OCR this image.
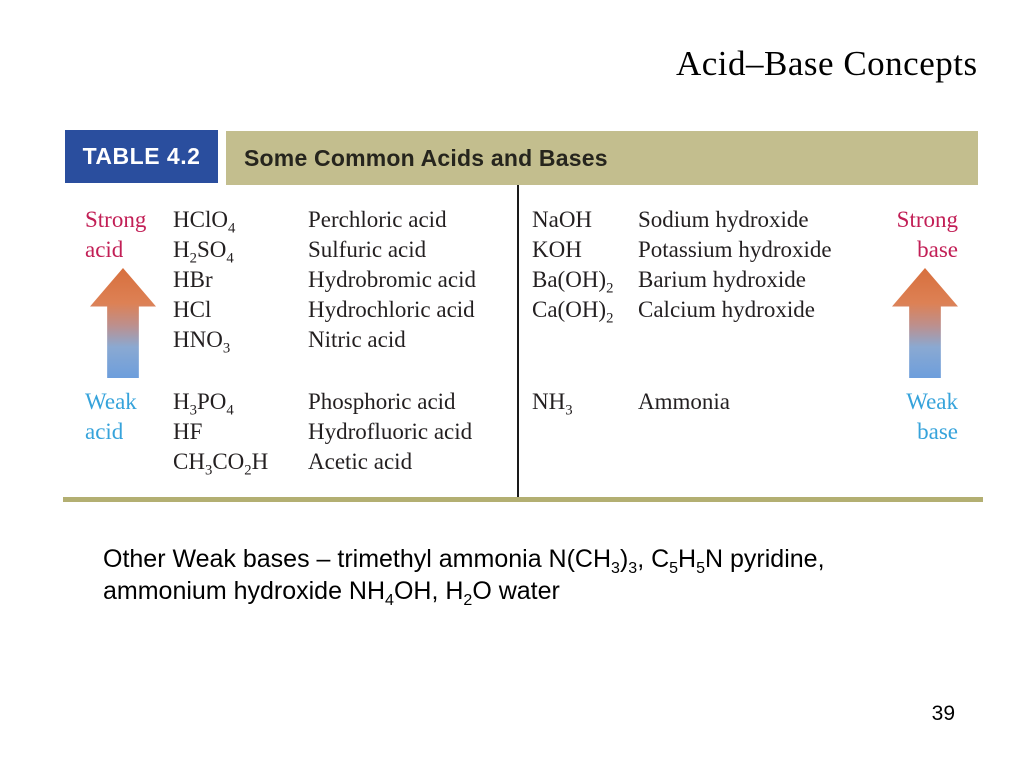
Acid–Base Concepts
TABLE 4.2	Some Common Acids and Bases
Strong
acid
Weak
acid
HClO$_4$
$H_2SO_4$
HBr
HCl
$HNO_3$
$H_3PO_4$
HF
$CH_3CO_2H$
Perchloric acid
Sulfuric acid
Hydrobromic acid
Hydrochloric acid
Nitric acid
Phosphoric acid
Hydrofluoric acid
Acetic acid
NaOH
KOH
$Ba(OH)_2$
$Ca(OH)_2$
$NH_3$
Sodium hydroxide
Potassium hydroxide
Barium hydroxide
Calcium hydroxide
Ammonia
Strong
base
Weak
base

Other Weak bases – trimethyl ammonia $N(CH_3)_3$, $C_5H_5N$ pyridine,
ammonium hydroxide $NH_4OH$, $H_2O$ water

39
